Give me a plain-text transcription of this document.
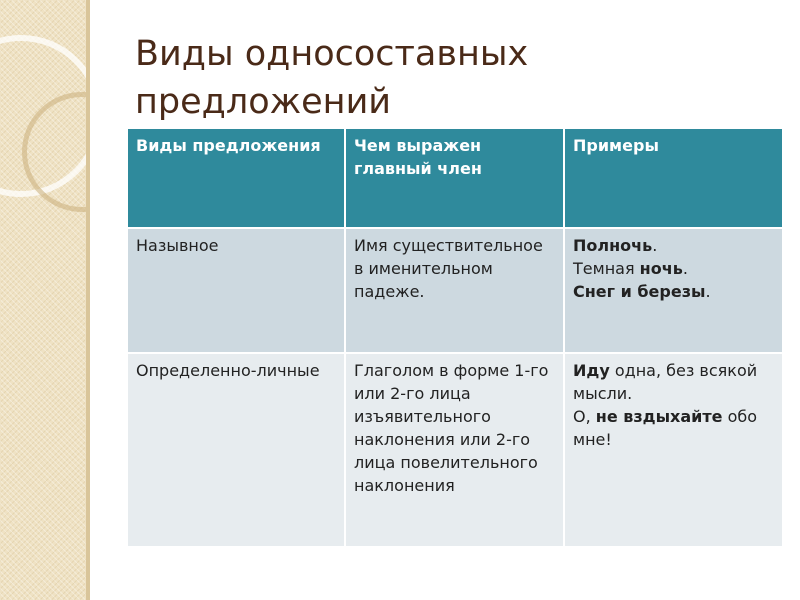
Виды односоставных предложений
Виды предложения	Чем выражен главный член	Примеры
Назывное	Имя существительное в именительном падеже.	Полночь.
Темная ночь.
Снег и березы.

Определенно-личные	Глаголом в форме 1-го или 2-го лица изъявительного наклонения или 2-го лица повелительного наклонения	Иду одна, без всякой мысли.
О, не вздыхайте обо мне!
